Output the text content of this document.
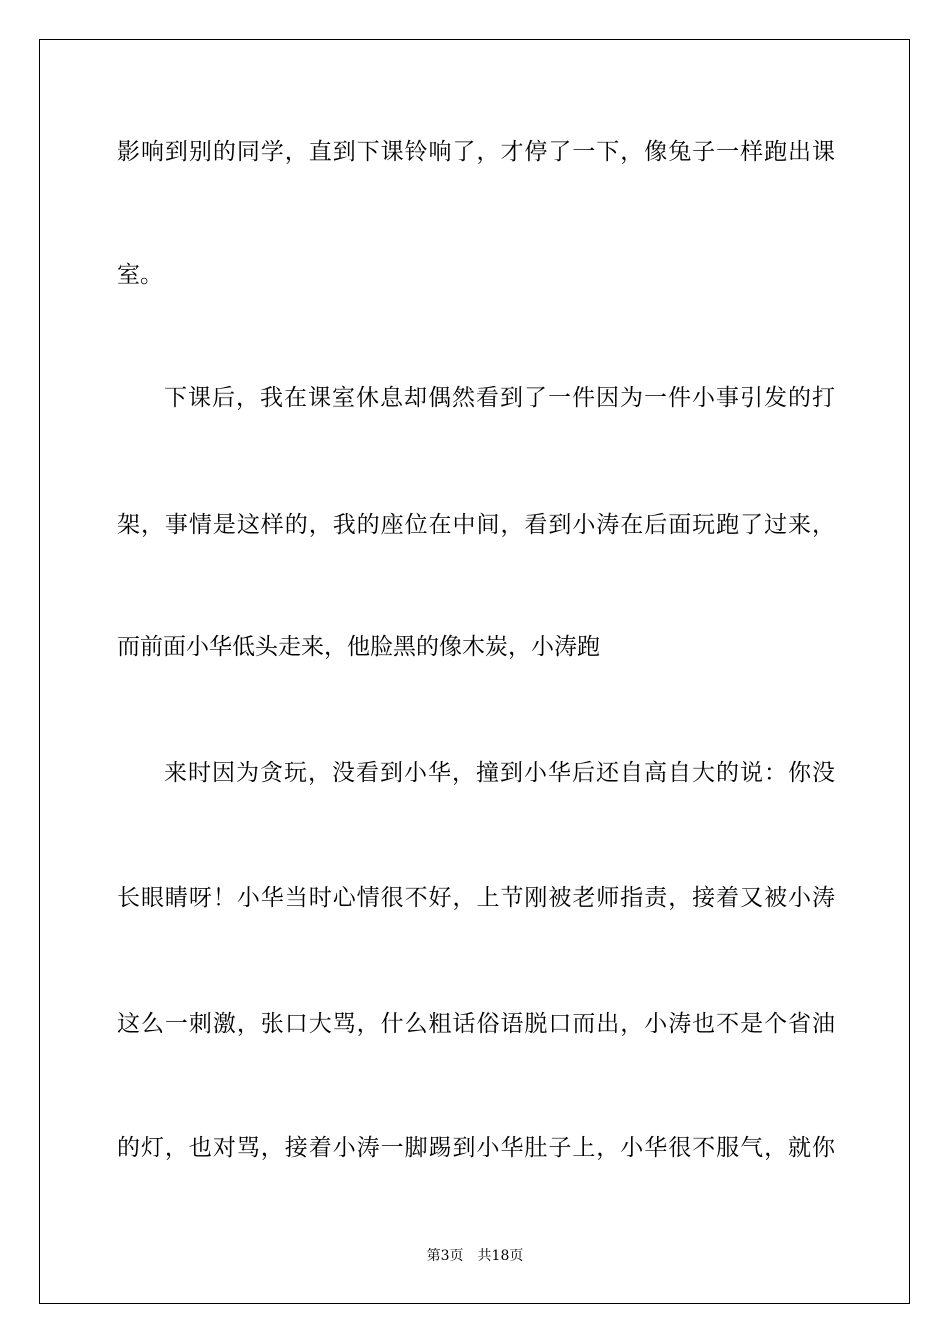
影响到别的同学，直到下课铃响了，才停了一下，像兔子一样跑出课
室。
下课后，我在课室休息却偶然看到了一件因为一件小事引发的打
架，事情是这样的，我的座位在中间，看到小涛在后面玩跑了过来，
而前面小华低头走来，他脸黑的像木炭，小涛跑
来时因为贪玩，没看到小华，撞到小华后还自高自大的说：你没
长眼睛呀！小华当时心情很不好，上节刚被老师指责，接着又被小涛
这么一刺激，张口大骂，什么粗话俗语脱口而出，小涛也不是个省油
的灯，也对骂，接着小涛一脚踢到小华肚子上，小华很不服气，就你
第3页　共18页
